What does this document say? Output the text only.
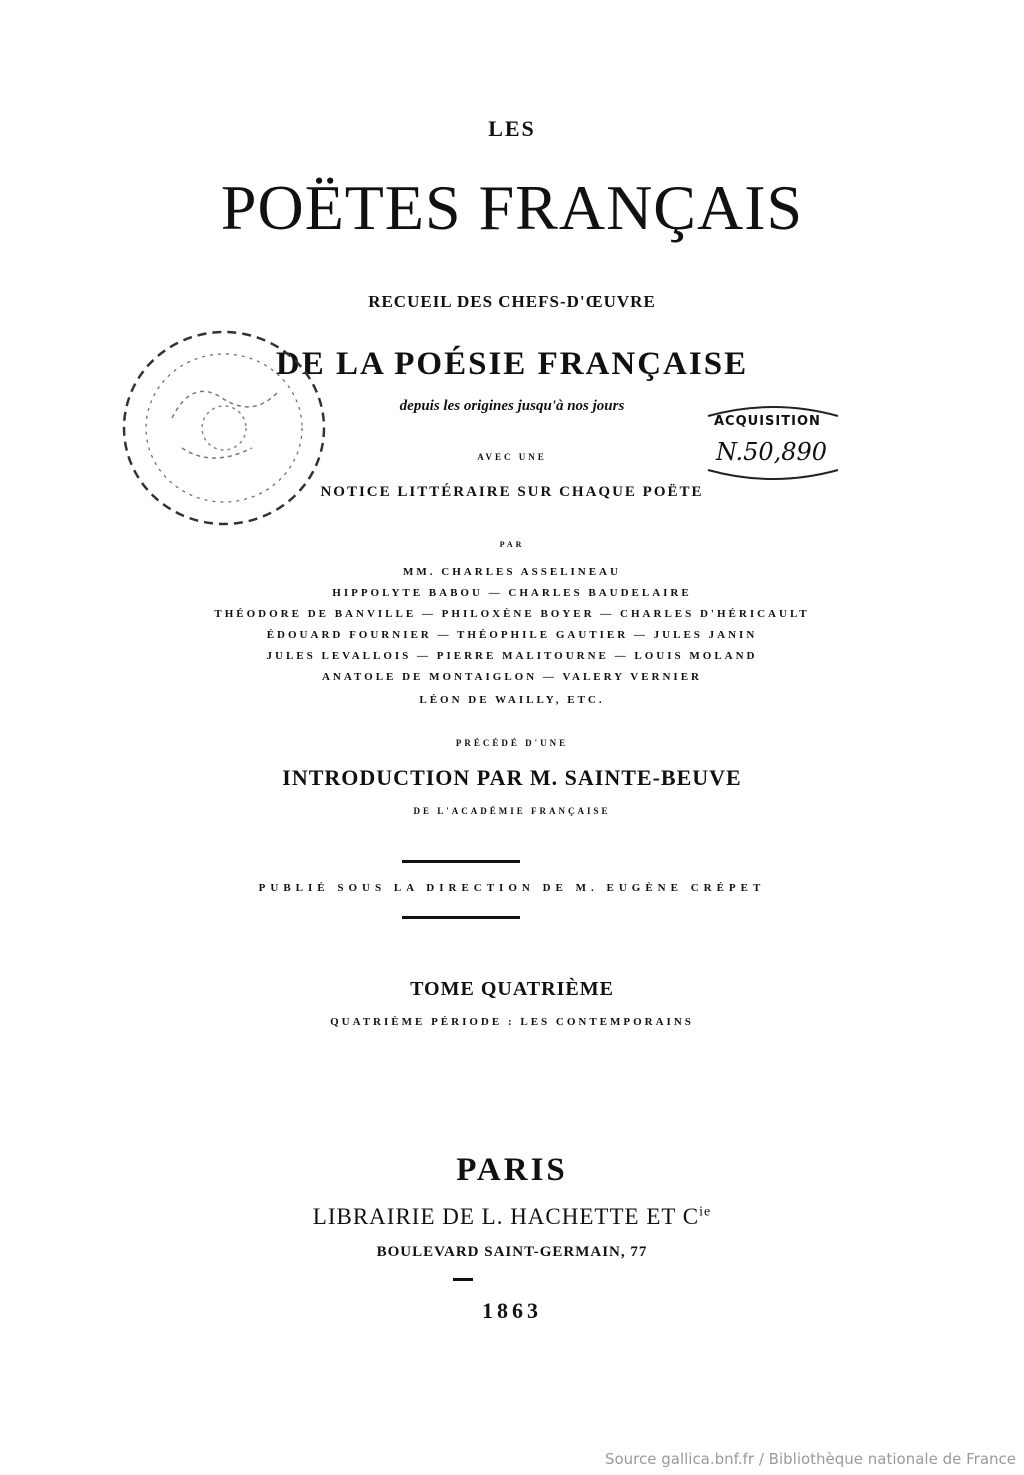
LES
POËTES FRANÇAIS
RECUEIL DES CHEFS-D'ŒUVRE
DE LA POÉSIE FRANÇAISE
depuis les origines jusqu'à nos jours
AVEC UNE
NOTICE LITTÉRAIRE SUR CHAQUE POËTE
PAR
MM. CHARLES ASSELINEAU
HIPPOLYTE BABOU — CHARLES BAUDELAIRE
THÉODORE DE BANVILLE — PHILOXÈNE BOYER — CHARLES D'HÉRICAULT
ÉDOUARD FOURNIER — THÉOPHILE GAUTIER — JULES JANIN
JULES LEVALLOIS — PIERRE MALITOURNE — LOUIS MOLAND
ANATOLE DE MONTAIGLON — VALERY VERNIER
LÉON DE WAILLY, ETC.
PRÉCÉDÉ D'UNE
INTRODUCTION PAR M. SAINTE-BEUVE
DE L'ACADÉMIE FRANÇAISE
PUBLIÉ SOUS LA DIRECTION DE M. EUGÈNE CRÉPET
TOME QUATRIÈME
QUATRIÈME PÉRIODE : LES CONTEMPORAINS
PARIS
LIBRAIRIE DE L. HACHETTE ET $C^{ie}$
BOULEVARD SAINT-GERMAIN, 77
1863
ACQUISITION
N.50,890
Source gallica.bnf.fr / Bibliothèque nationale de France
